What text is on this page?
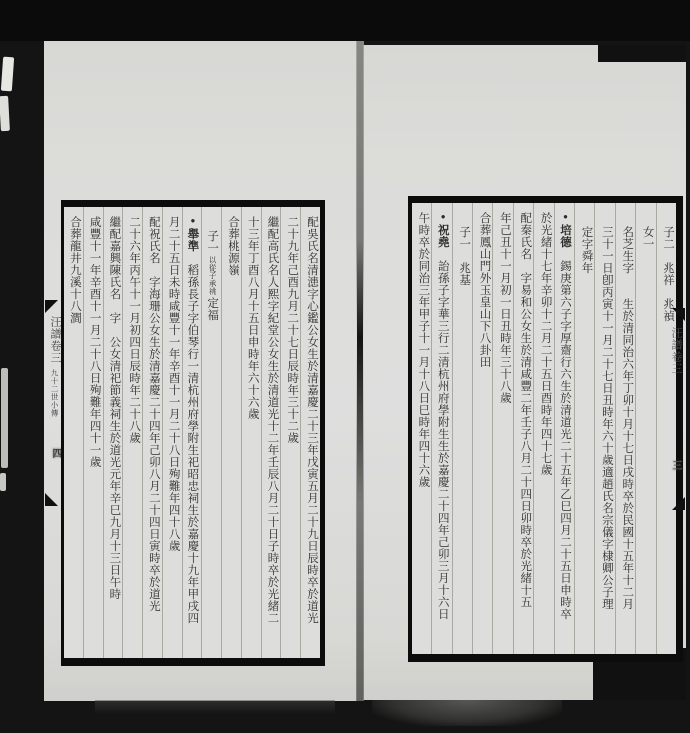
汪譜卷三
九十二世小傳
四	配吳氏名清漶字心鑑公女生於清嘉慶二十三年戊寅五月二十九日辰時卒於道光
二十九年己酉九月二十七日辰時年三十二歲
繼配高氏名人熙字紀堂公女生於清道光十二年壬辰八月二十日子時卒於光緒二
十三年丁酉八月十五日申時年六十六歲
合葬桃源嶺
子一以從子承祧定福
●舉準　稻孫長子字伯琴行一清杭州府學附生祀昭忠祠生於嘉慶十九年甲戌四
月二十五日未時咸豐十一年辛酉十一月二十八日殉難年四十八歲
配祝氏名　字海珊公女生於清嘉慶二十四年己卯八月二十四日寅時卒於道光
二十六年丙午十一月初四日辰時年二十八歲
繼配嘉興陳氏名　字　公女清祀節義祠生於道光元年辛巳九月十三日午時
咸豐十一年辛酉十一月二十八日殉難年四十一歲
合葬龍井九溪十八澗	子二　兆祥　兆禎
女一
名芝生字　　生於清同治六年丁卯十月十七日戌時卒於民國十五年十二月
三十一日卽丙寅十一月二十七日丑時年六十歲適趙氏名宗儀字棣卿公子理
定字舜年
●培德　錫庚第六子字厚齋行六生於清道光二十五年乙巳四月二十五日申時卒
於光緒十七年辛卯十二月二十五日酉時年四十七歲
配秦氏名　字易和公女生於清咸豐二年壬子八月二十四日卯時卒於光緒十五
年己丑十一月初一日丑時年三十八歲
合葬鳳山門外玉皇山下八卦田
子一　兆基
●祝堯　詒孫子字華三行二清杭州府學附生生於嘉慶二十四年己卯三月十六日
午時卒於同治三年甲子十一月十八日巳時年四十六歲	汪譜卷三
三
